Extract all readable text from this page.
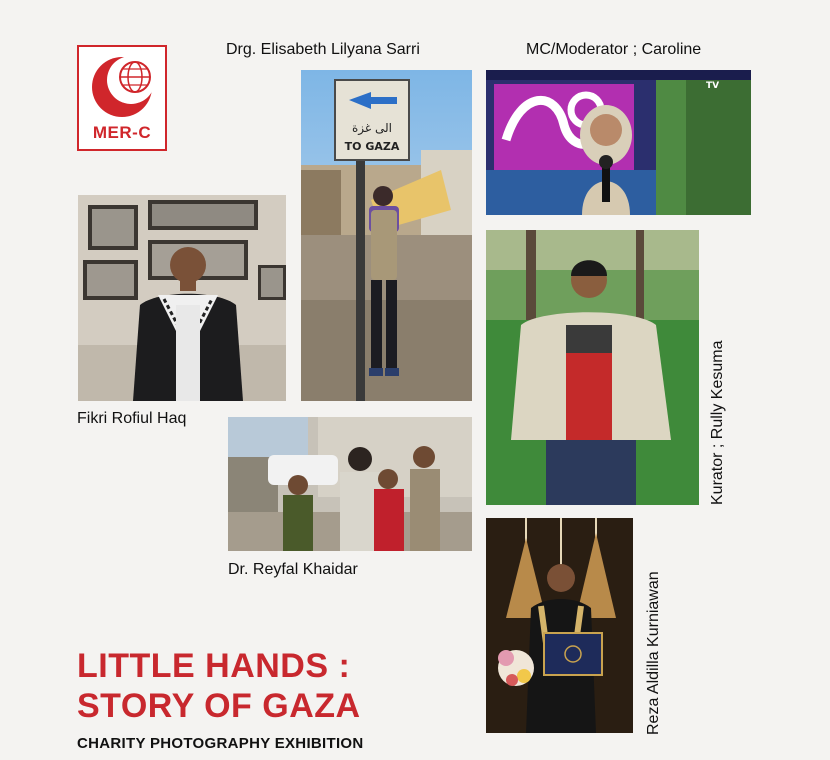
MER-C
Drg. Elisabeth Lilyana Sarri	MC/Moderator ; Caroline
الى غزة
TO GAZA
TV
Fikri Rofiul Haq
Dr. Reyfal Khaidar
Kurator ; Rully Kesuma
Reza Aldilla Kurniawan
LITTLE HANDS :
STORY OF GAZA
CHARITY PHOTOGRAPHY EXHIBITION
